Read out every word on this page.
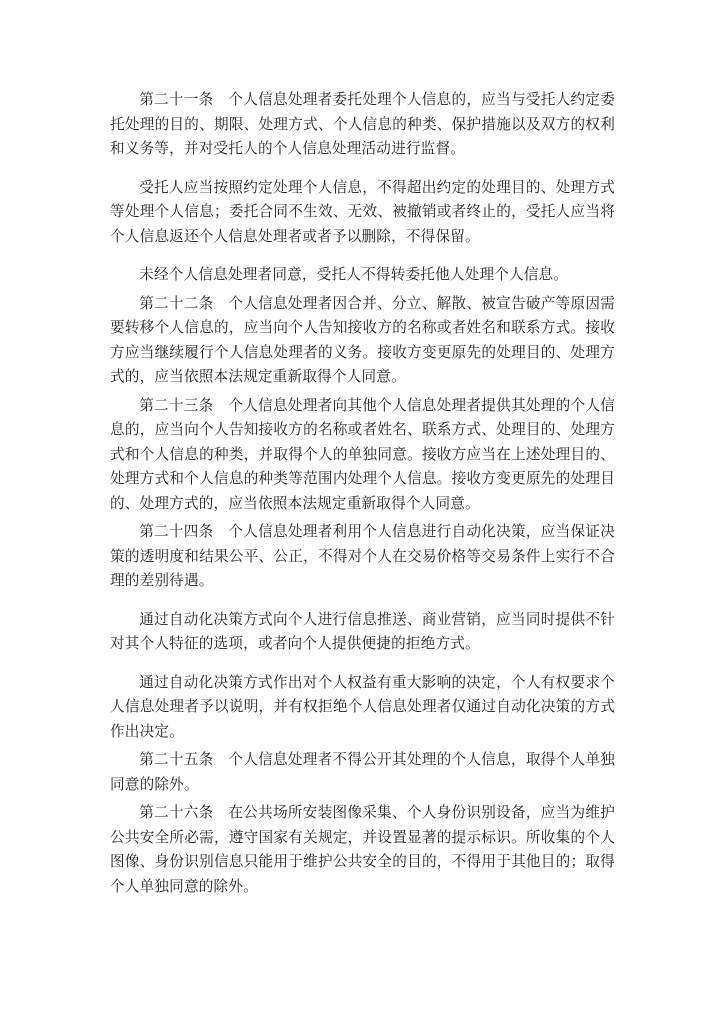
第二十一条　个人信息处理者委托处理个人信息的，应当与受托人约定委托处理的目的、期限、处理方式、个人信息的种类、保护措施以及双方的权利和义务等，并对受托人的个人信息处理活动进行监督。

受托人应当按照约定处理个人信息，不得超出约定的处理目的、处理方式等处理个人信息；委托合同不生效、无效、被撤销或者终止的，受托人应当将个人信息返还个人信息处理者或者予以删除，不得保留。

未经个人信息处理者同意，受托人不得转委托他人处理个人信息。

第二十二条　个人信息处理者因合并、分立、解散、被宣告破产等原因需要转移个人信息的，应当向个人告知接收方的名称或者姓名和联系方式。接收方应当继续履行个人信息处理者的义务。接收方变更原先的处理目的、处理方式的，应当依照本法规定重新取得个人同意。

第二十三条　个人信息处理者向其他个人信息处理者提供其处理的个人信息的，应当向个人告知接收方的名称或者姓名、联系方式、处理目的、处理方式和个人信息的种类，并取得个人的单独同意。接收方应当在上述处理目的、处理方式和个人信息的种类等范围内处理个人信息。接收方变更原先的处理目的、处理方式的，应当依照本法规定重新取得个人同意。

第二十四条　个人信息处理者利用个人信息进行自动化决策，应当保证决策的透明度和结果公平、公正，不得对个人在交易价格等交易条件上实行不合理的差别待遇。

通过自动化决策方式向个人进行信息推送、商业营销，应当同时提供不针对其个人特征的选项，或者向个人提供便捷的拒绝方式。

通过自动化决策方式作出对个人权益有重大影响的决定，个人有权要求个人信息处理者予以说明，并有权拒绝个人信息处理者仅通过自动化决策的方式作出决定。

第二十五条　个人信息处理者不得公开其处理的个人信息，取得个人单独同意的除外。

第二十六条　在公共场所安装图像采集、个人身份识别设备，应当为维护公共安全所必需，遵守国家有关规定，并设置显著的提示标识。所收集的个人图像、身份识别信息只能用于维护公共安全的目的，不得用于其他目的；取得个人单独同意的除外。
